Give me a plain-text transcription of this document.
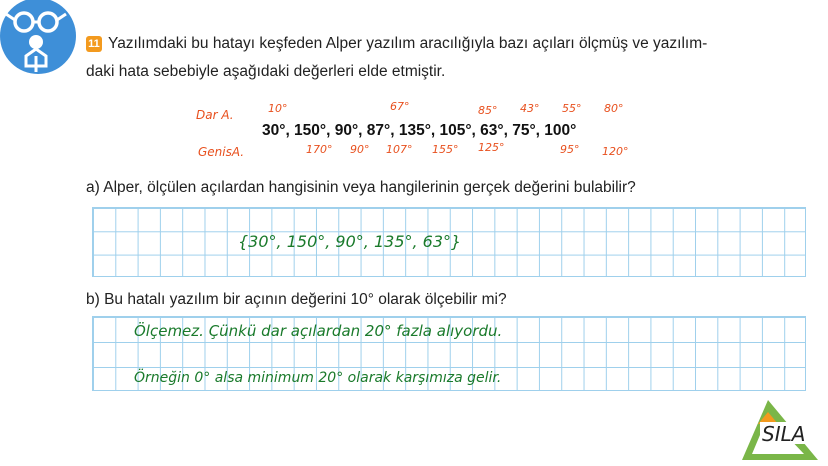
11 Yazılımdaki bu hatayı keşfeden Alper yazılım aracılığıyla bazı açıları ölçmüş ve yazılım-
daki hata sebebiyle aşağıdaki değerleri elde etmiştir.
Dar A.
GenisA.
10°	67°	85° 43° 55° 80°
30°, 150°, 90°, 87°, 135°, 105°, 63°, 75°, 100°
170° 90° 107° 155° 125°	95° 120°
a) Alper, ölçülen açılardan hangisinin veya hangilerinin gerçek değerini bulabilir?
{30°, 150°, 90°, 135°, 63°}
b) Bu hatalı yazılım bir açının değerini 10° olarak ölçebilir mi?
Ölçemez. Çünkü dar açılardan 20° fazla alıyordu.
Örneğin 0° alsa minimum 20° olarak karşımıza gelir.
SILA
